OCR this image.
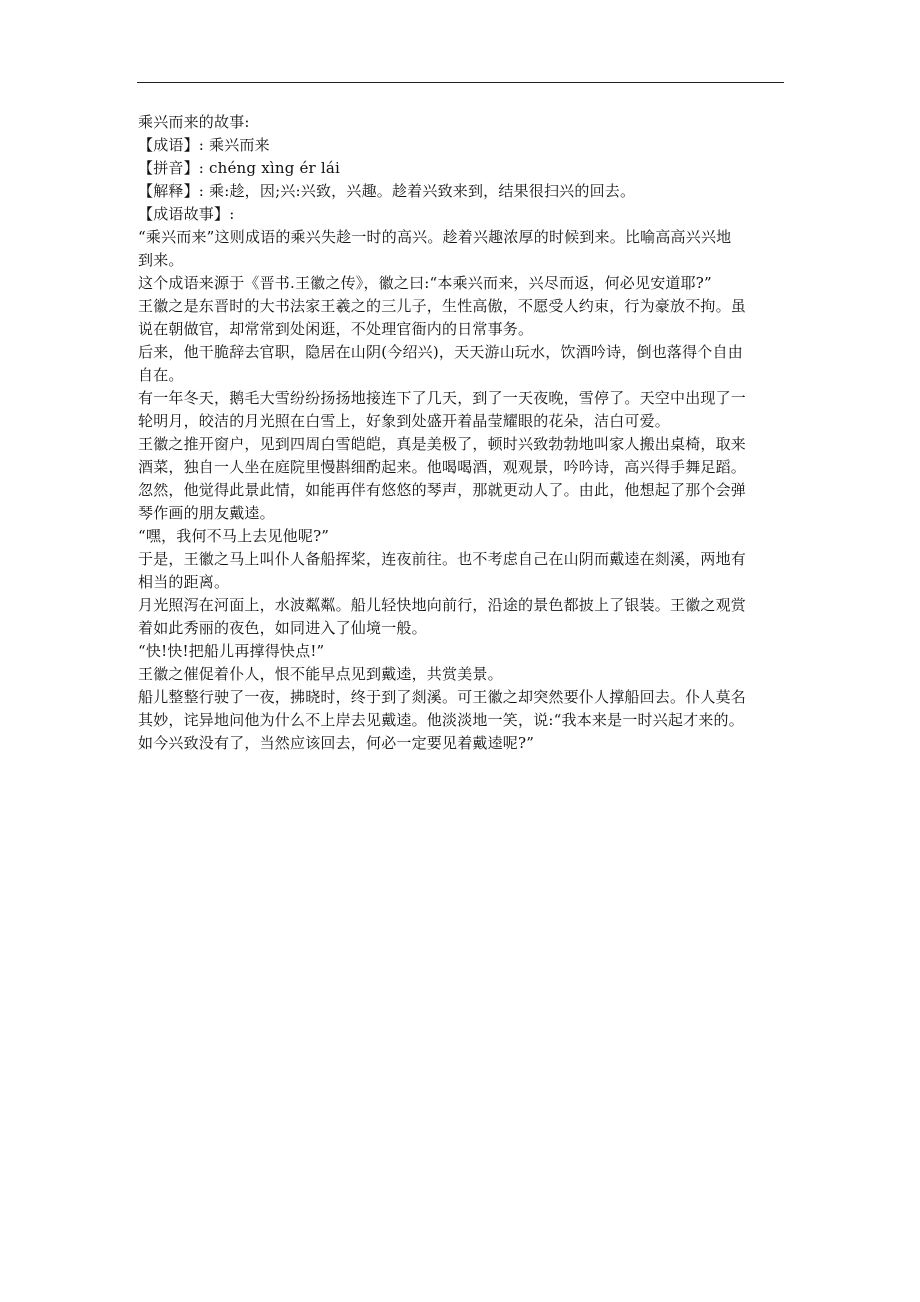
乘兴而来的故事:
【成语】: 乘兴而来
【拼音】: chéng xìng ér lái
【解释】: 乘:趁，因;兴:兴致，兴趣。趁着兴致来到，结果很扫兴的回去。
【成语故事】:
“乘兴而来”这则成语的乘兴失趁一时的高兴。趁着兴趣浓厚的时候到来。比喻高高兴兴地
到来。
这个成语来源于《晋书.王徽之传》，徽之曰:“本乘兴而来，兴尽而返，何必见安道耶?”
王徽之是东晋时的大书法家王羲之的三儿子，生性高傲，不愿受人约束，行为豪放不拘。虽
说在朝做官，却常常到处闲逛，不处理官衙内的日常事务。
后来，他干脆辞去官职，隐居在山阴(今绍兴)，天天游山玩水，饮酒吟诗，倒也落得个自由
自在。
有一年冬天，鹅毛大雪纷纷扬扬地接连下了几天，到了一天夜晚，雪停了。天空中出现了一
轮明月，皎洁的月光照在白雪上，好象到处盛开着晶莹耀眼的花朵，洁白可爱。
王徽之推开窗户，见到四周白雪皑皑，真是美极了，顿时兴致勃勃地叫家人搬出桌椅，取来
酒菜，独自一人坐在庭院里慢斟细酌起来。他喝喝酒，观观景，吟吟诗，高兴得手舞足蹈。
忽然，他觉得此景此情，如能再伴有悠悠的琴声，那就更动人了。由此，他想起了那个会弹
琴作画的朋友戴逵。
“嘿，我何不马上去见他呢?”
于是，王徽之马上叫仆人备船挥桨，连夜前往。也不考虑自己在山阴而戴逵在剡溪，两地有
相当的距离。
月光照泻在河面上，水波粼粼。船儿轻快地向前行，沿途的景色都披上了银装。王徽之观赏
着如此秀丽的夜色，如同进入了仙境一般。
“快!快!把船儿再撑得快点!”
王徽之催促着仆人，恨不能早点见到戴逵，共赏美景。
船儿整整行驶了一夜，拂晓时，终于到了剡溪。可王徽之却突然要仆人撑船回去。仆人莫名
其妙，诧异地问他为什么不上岸去见戴逵。他淡淡地一笑，说:“我本来是一时兴起才来的。
如今兴致没有了，当然应该回去，何必一定要见着戴逵呢?”
